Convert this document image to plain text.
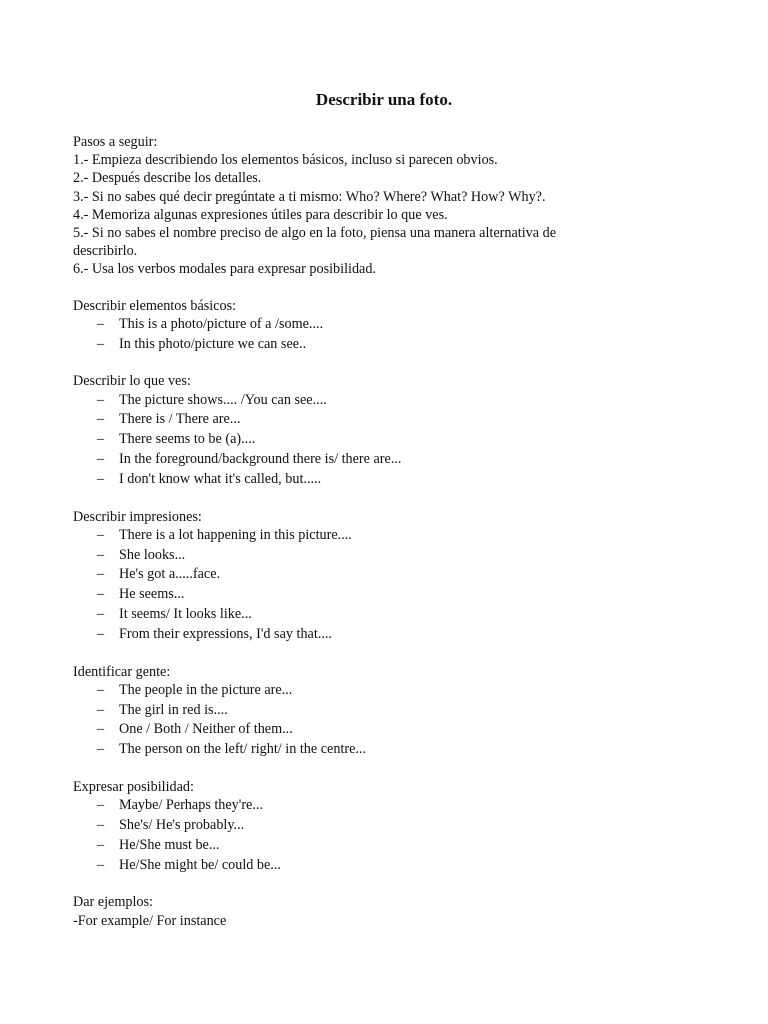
Describir una foto.

Pasos a seguir:

1.- Empieza describiendo los elementos básicos, incluso si parecen obvios.

2.- Después describe los detalles.

3.- Si no sabes qué decir pregúntate a ti mismo: Who? Where? What? How? Why?.

4.- Memoriza algunas expresiones útiles para describir lo que ves.

5.- Si no sabes el nombre preciso de algo en la foto, piensa una manera alternativa de

describirlo.

6.- Usa los verbos modales para expresar posibilidad.

Describir elementos básicos:

– This is a photo/picture of a /some....
– In this photo/picture we can see..

Describir lo que ves:

– The picture shows.... /You can see....
– There is / There are...
– There seems to be (a)....
– In the foreground/background there is/ there are...
– I don't know what it's called, but.....

Describir impresiones:

– There is a lot happening in this picture....
– She looks...
– He's got a.....face.
– He seems...
– It seems/ It looks like...
– From their expressions, I'd say that....

Identificar gente:

– The people in the picture are...
– The girl in red is....
– One / Both / Neither of them...
– The person on the left/ right/ in the centre...

Expresar posibilidad:

– Maybe/ Perhaps they're...
– She's/ He's probably...
– He/She must be...
– He/She might be/ could be...

Dar ejemplos:

-For example/ For instance
